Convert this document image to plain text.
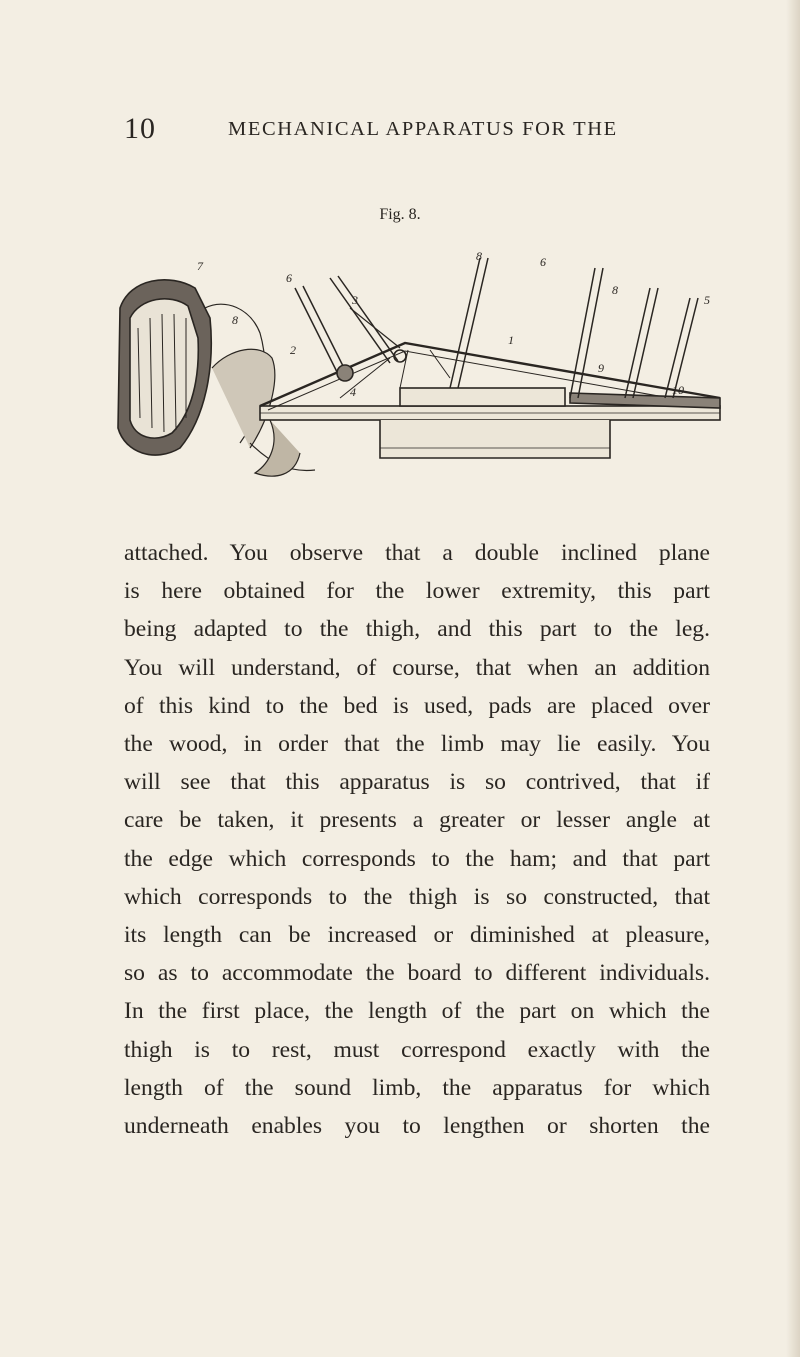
10	MECHANICAL APPARATUS FOR THE
Fig. 8.
7
6
3
8
2
4
1
8	6
8
9
5
10
attached. You observe that a double inclined plane
is here obtained for the lower extremity, this part
being adapted to the thigh, and this part to the leg.
You will understand, of course, that when an addition
of this kind to the bed is used, pads are placed over
the wood, in order that the limb may lie easily. You
will see that this apparatus is so contrived, that if
care be taken, it presents a greater or lesser angle at
the edge which corresponds to the ham; and that part
which corresponds to the thigh is so constructed, that
its length can be increased or diminished at pleasure,
so as to accommodate the board to different individuals.
In the first place, the length of the part on which the
thigh is to rest, must correspond exactly with the
length of the sound limb, the apparatus for which
underneath enables you to lengthen or shorten the
